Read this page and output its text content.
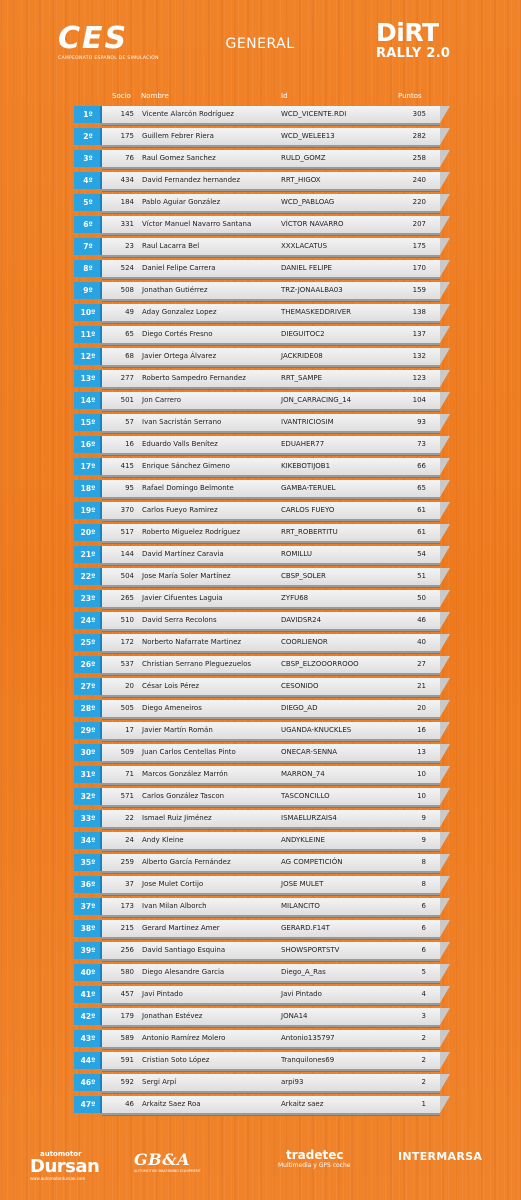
CES
CAMPEONATO ESPAÑOL DE SIMULACIÓN
GENERAL	DiRT
RALLY 2.0
Socio Nombre	Id	Puntos
1º	145 Vicente Alarcón Rodríguez	WCD_VICENTE.RDI	305
2º	175 Guillem Febrer Riera	WCD_WELEE13	282
3º	76 Raul Gomez Sanchez	RULD_GOMZ	258
4º	434 David Fernandez hernandez	RRT_HIGOX	240
5º	184 Pablo Aguiar González	WCD_PABLOAG	220
6º	331 Víctor Manuel Navarro Santana	VÍCTOR NAVARRO	207
7º	23 Raul Lacarra Bel	XXXLACATUS	175
8º	524 Daniel Felipe Carrera	DANIEL FELIPE	170
9º	508 Jonathan Gutiérrez	TRZ-JONAALBA03	159
10º	49 Aday Gonzalez Lopez	THEMASKEDDRIVER	138
11º	65 Diego Cortés Fresno	DIEGUITOC2	137
12º	68 Javier Ortega Álvarez	JACKRIDE08	132
13º	277 Roberto Sampedro Fernandez	RRT_SAMPE	123
14º	501 Jon Carrero	JON_CARRACING_14	104
15º	57 Ivan Sacristán Serrano	IVANTRICIOSIM	93
16º	16 Eduardo Valls Benítez	EDUAHER77	73
17º	415 Enrique Sánchez Gimeno	KIKEBOTIJOB1	66
18º	95 Rafael Domingo Belmonte	GAMBA-TERUEL	65
19º	370 Carlos Fueyo Ramirez	CARLOS FUEYO	61
20º	517 Roberto Miguelez Rodríguez	RRT_ROBERTITU	61
21º	144 David Martínez Caravia	ROMILLU	54
22º	504 Jose María Soler Martínez	CBSP_SOLER	51
23º	265 Javier Cifuentes Laguia	ZYFU68	50
24º	510 David Serra Recolons	DAVIDSR24	46
25º	172 Norberto Nafarrate Martinez	COORLIENOR	40
26º	537 Christian Serrano Pleguezuelos	CBSP_ELZOOORROOO	27
27º	20 César Lois Pérez	CESONIDO	21
28º	505 Diego Ameneiros	DIEGO_AD	20
29º	17 Javier Martín Román	UGANDA-KNUCKLES	16
30º	509 Juan Carlos Centellas Pinto	ONECAR-SENNA	13
31º	71 Marcos González Marrón	MARRON_74	10
32º	571 Carlos González Tascon	TASCONCILLO	10
33º	22 Ismael Ruiz Jiménez	ISMAELURZAIS4	9
34º	24 Andy Kleine	ANDYKLEINE	9
35º	259 Alberto García Fernández	AG COMPETICIÓN	8
36º	37 Jose Mulet Cortijo	JOSE MULET	8
37º	173 Ivan Milan Alborch	MILANCITO	6
38º	215 Gerard Martinez Amer	GERARD.F14T	6
39º	256 David Santiago Esquina	SHOWSPORTSTV	6
40º	580 Diego Alesandre Garcia	Diego_A_Ras	5
41º	457 Javi Pintado	Javi Pintado	4
42º	179 Jonathan Estévez	JONA14	3
43º	589 Antonio Ramírez Molero	Antonio135797	2
44º	591 Cristian Soto López	Tranquilones69	2
46º	592 Sergi Arpí	arpi93	2
47º	46 Arkaitz Saez Roa	Arkaitz saez	1
automotor
Dursan
www.automotordursan.com
GB&A
AUTOMOTIVE MACHINING EQUIPMENT
tradetec
Multimedia y GPS coche
INTERMARSA
